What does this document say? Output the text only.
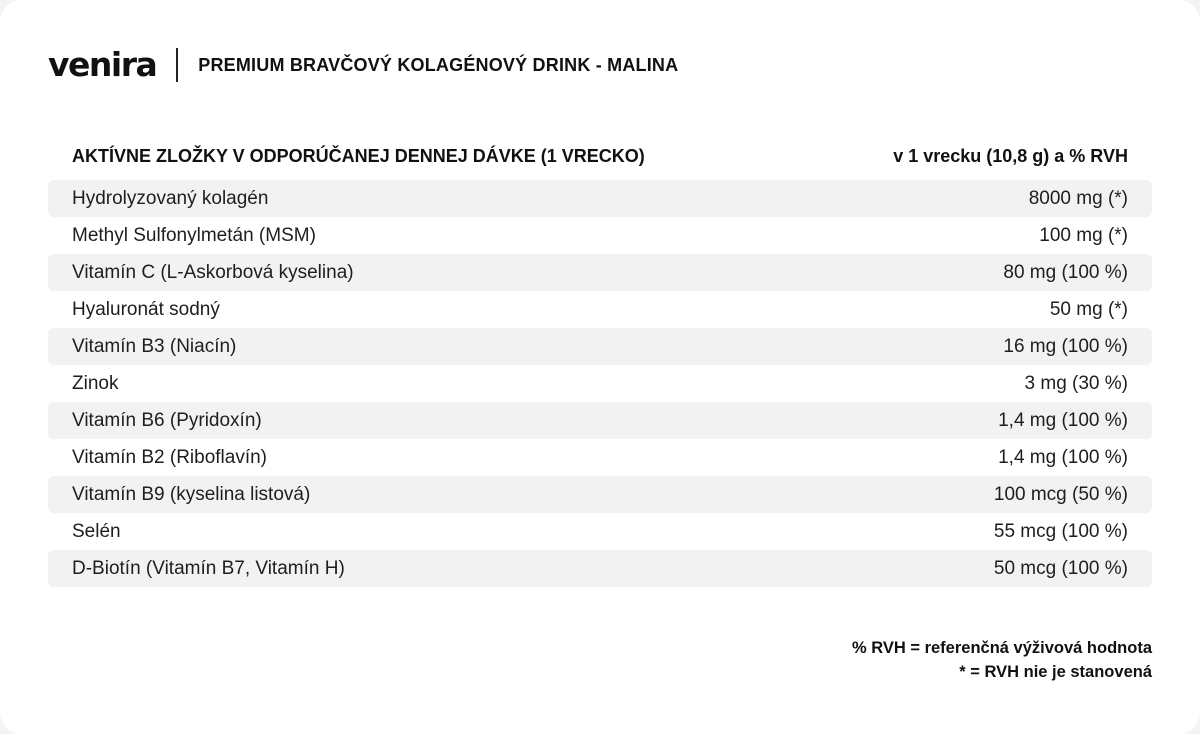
venira PREMIUM BRAVČOVÝ KOLAGÉNOVÝ DRINK - MALINA
AKTÍVNE ZLOŽKY V ODPORÚČANEJ DENNEJ DÁVKE (1 VRECKO)	v 1 vrecku (10,8 g) a % RVH
Hydrolyzovaný kolagén	8000 mg (*)
Methyl Sulfonylmetán (MSM)	100 mg (*)
Vitamín C (L-Askorbová kyselina)	80 mg (100 %)
Hyaluronát sodný	50 mg (*)
Vitamín B3 (Niacín)	16 mg (100 %)
Zinok	3 mg (30 %)
Vitamín B6 (Pyridoxín)	1,4 mg (100 %)
Vitamín B2 (Riboflavín)	1,4 mg (100 %)
Vitamín B9 (kyselina listová)	100 mcg (50 %)
Selén	55 mcg (100 %)
D-Biotín (Vitamín B7, Vitamín H)	50 mcg (100 %)
% RVH = referenčná výživová hodnota
* = RVH nie je stanovená
